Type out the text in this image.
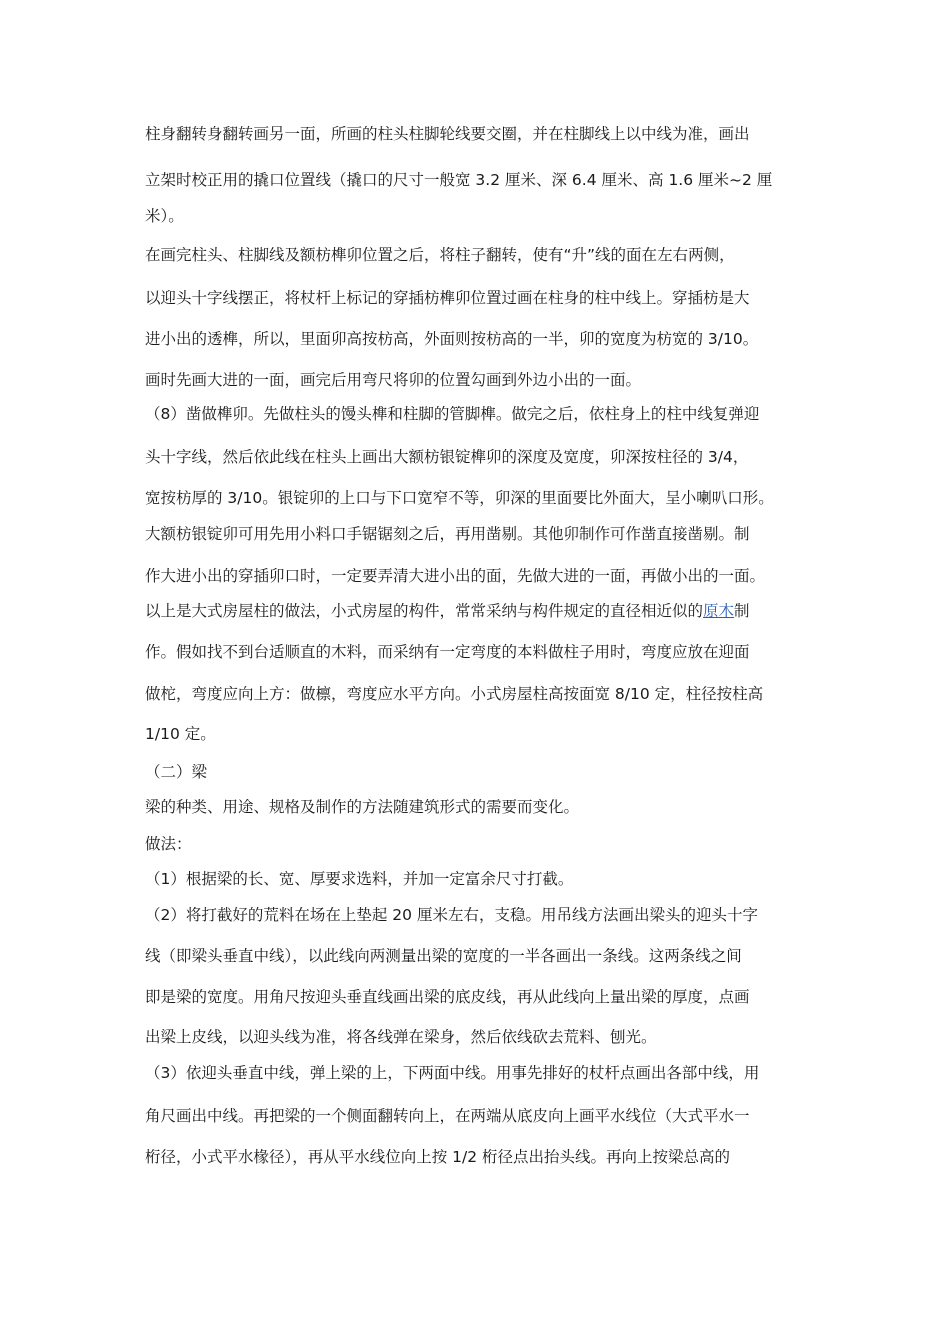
柱身翻转身翻转画另一面，所画的柱头柱脚轮线要交圈，并在柱脚线上以中线为准，画出
立架时校正用的撬口位置线（撬口的尺寸一般宽 3.2 厘米、深 6.4 厘米、高 1.6 厘米~2 厘
米）。
在画完柱头、柱脚线及额枋榫卯位置之后，将柱子翻转，使有“升”线的面在左右两侧，
以迎头十字线摆正，将杖杆上标记的穿插枋榫卯位置过画在柱身的柱中线上。穿插枋是大
进小出的透榫，所以，里面卯高按枋高，外面则按枋高的一半，卯的宽度为枋宽的 3/10。
画时先画大进的一面，画完后用弯尺将卯的位置勾画到外边小出的一面。
（8）凿做榫卯。先做柱头的馒头榫和柱脚的管脚榫。做完之后，依柱身上的柱中线复弹迎
头十字线，然后依此线在柱头上画出大额枋银锭榫卯的深度及宽度，卯深按柱径的 3/4，
宽按枋厚的 3/10。银锭卯的上口与下口宽窄不等，卯深的里面要比外面大，呈小喇叭口形。
大额枋银锭卯可用先用小料口手锯锯刻之后，再用凿剔。其他卯制作可作凿直接凿剔。制
作大进小出的穿插卯口时，一定要弄清大进小出的面，先做大进的一面，再做小出的一面。
以上是大式房屋柱的做法，小式房屋的构件，常常采纳与构件规定的直径相近似的原木制
作。假如找不到台适顺直的木料，而采纳有一定弯度的本料做柱子用时，弯度应放在迎面
做柁，弯度应向上方：做檩，弯度应水平方向。小式房屋柱高按面宽 8/10 定，柱径按柱高
1/10 定。
（二）梁
梁的种类、用途、规格及制作的方法随建筑形式的需要而变化。
做法：
（1）根据梁的长、宽、厚要求选料，并加一定富余尺寸打截。
（2）将打截好的荒料在场在上垫起 20 厘米左右，支稳。用吊线方法画出梁头的迎头十字
线（即梁头垂直中线），以此线向两测量出梁的宽度的一半各画出一条线。这两条线之间
即是梁的宽度。用角尺按迎头垂直线画出梁的底皮线，再从此线向上量出梁的厚度，点画
出梁上皮线，以迎头线为准，将各线弹在梁身，然后依线砍去荒料、刨光。
（3）依迎头垂直中线，弹上梁的上，下两面中线。用事先排好的杖杆点画出各部中线，用
角尺画出中线。再把梁的一个侧面翻转向上，在两端从底皮向上画平水线位（大式平水一
桁径，小式平水椽径），再从平水线位向上按 1/2 桁径点出抬头线。再向上按梁总高的
